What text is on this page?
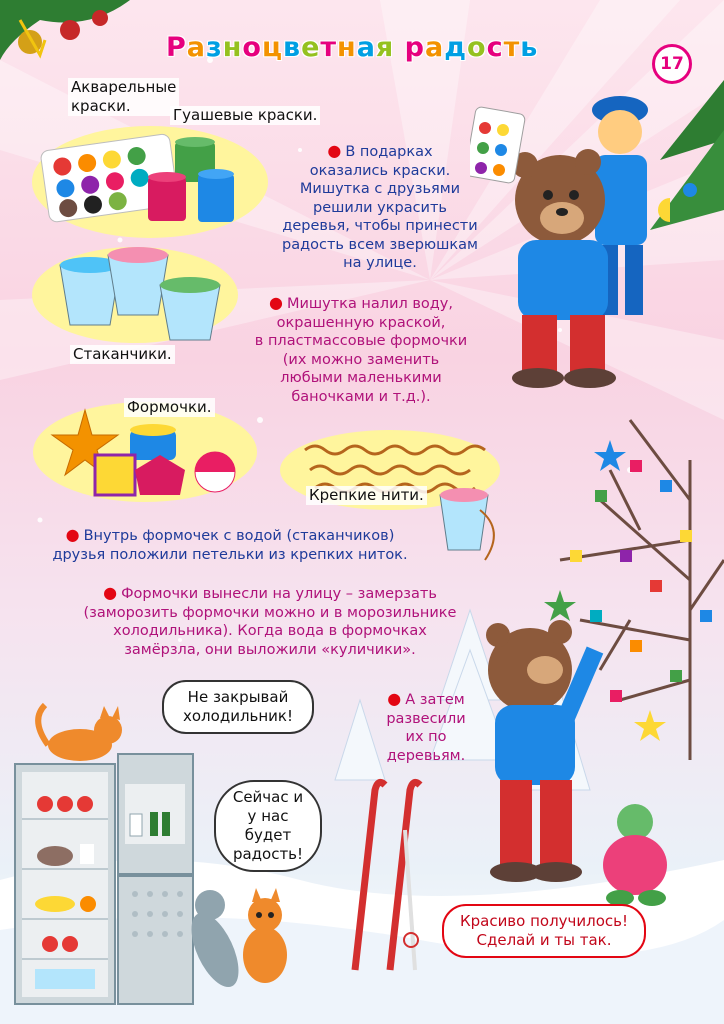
Разноцветная радость
17
Акварельные
краски.	Гуашевые краски.
Стаканчики.
Формочки.
Крепкие нити.
● В подарках
оказались краски.
Мишутка с друзьями
решили украсить
деревья, чтобы принести
радость всем зверюшкам
на улице.
● Мишутка налил воду,
окрашенную краской,
в пластмассовые формочки
(их можно заменить
любыми маленькими
баночками и т.д.).
● Внутрь формочек с водой (стаканчиков)
друзья положили петельки из крепких ниток.
● Формочки вынесли на улицу – замерзать
(заморозить формочки можно и в морозильнике
холодильника). Когда вода в формочках
замёрзла, они выложили «куличики».
● А затем
развесили
их по
деревьям.
Не закрывай
холодильник!
Сейчас и
у нас будет
радость!
Красиво получилось!
Сделай и ты так.
